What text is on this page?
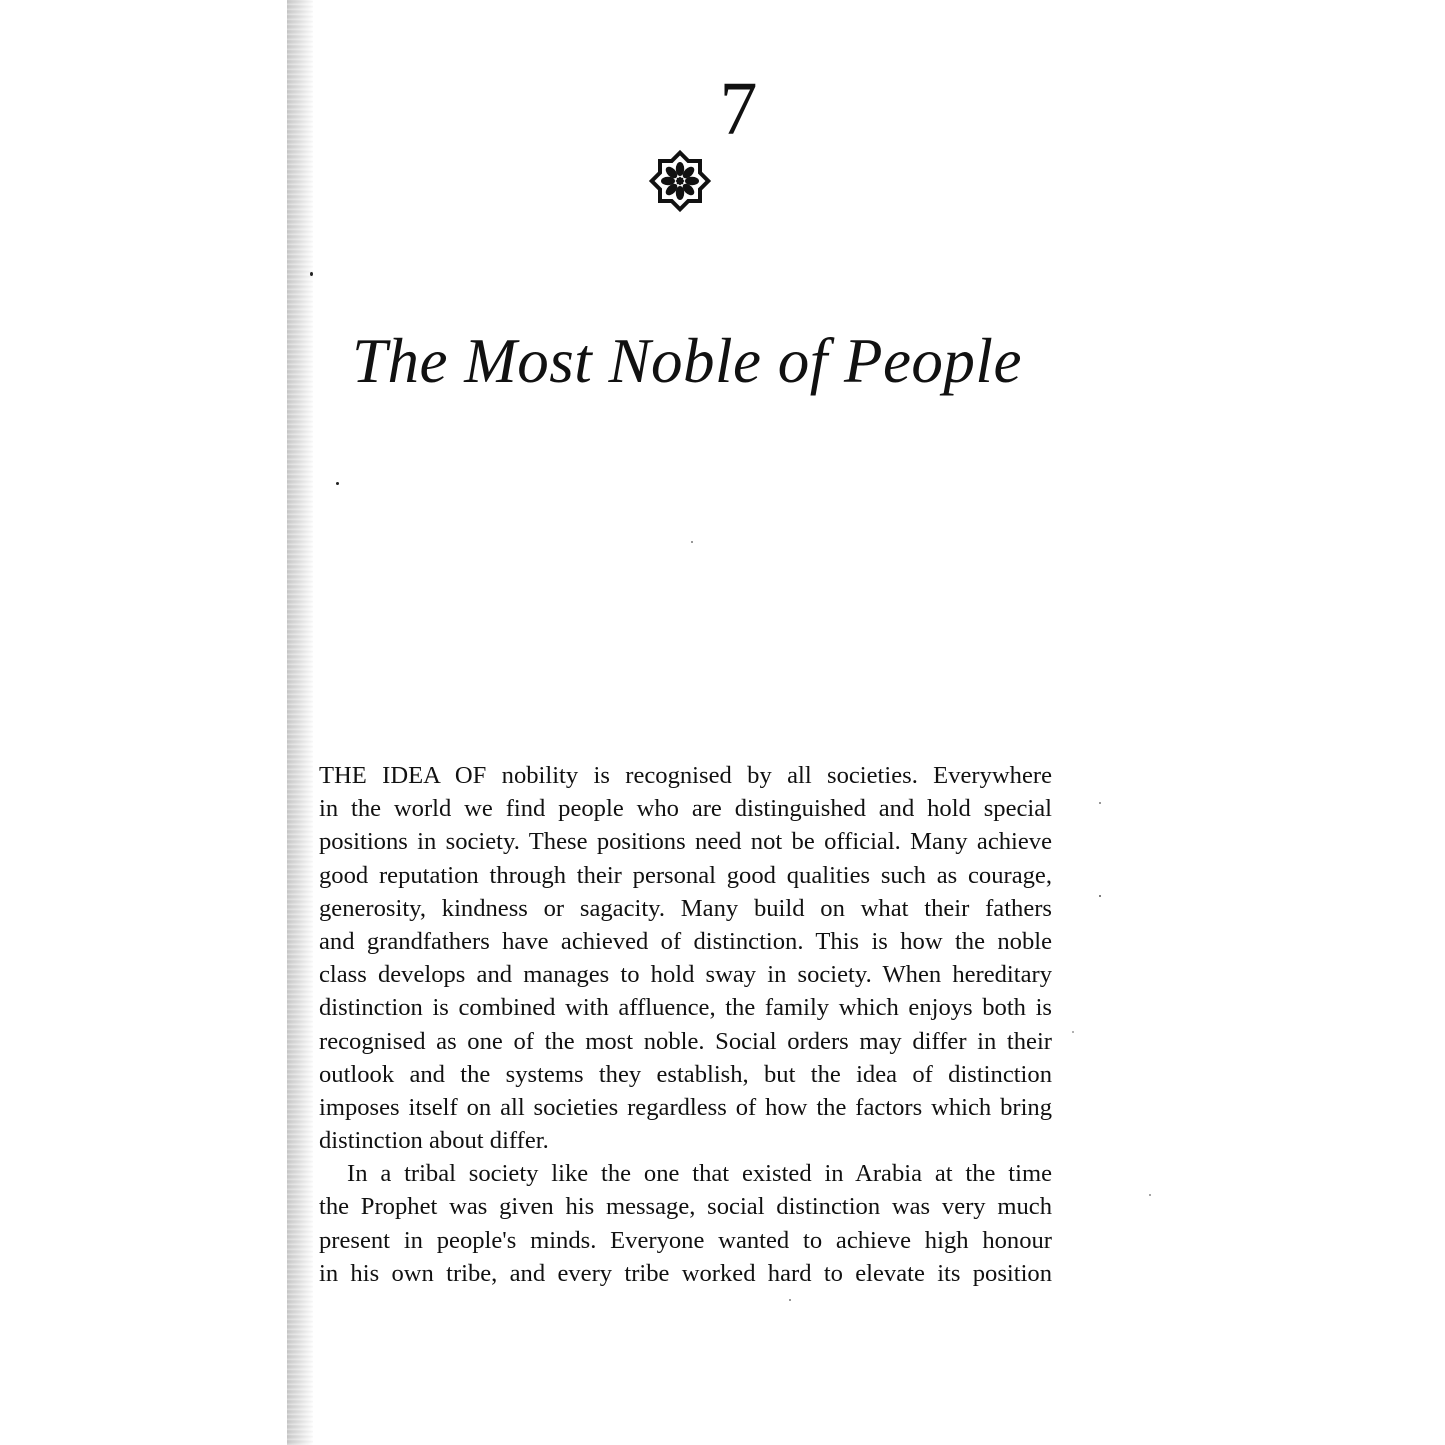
7
The Most Noble of People
THE IDEA OF nobility is recognised by all societies. Everywhere
in the world we find people who are distinguished and hold special
positions in society. These positions need not be official. Many achieve
good reputation through their personal good qualities such as courage,
generosity, kindness or sagacity. Many build on what their fathers
and grandfathers have achieved of distinction. This is how the noble
class develops and manages to hold sway in society. When hereditary
distinction is combined with affluence, the family which enjoys both is
recognised as one of the most noble. Social orders may differ in their
outlook and the systems they establish, but the idea of distinction
imposes itself on all societies regardless of how the factors which bring
distinction about differ.
In a tribal society like the one that existed in Arabia at the time
the Prophet was given his message, social distinction was very much
present in people's minds. Everyone wanted to achieve high honour
in his own tribe, and every tribe worked hard to elevate its position
